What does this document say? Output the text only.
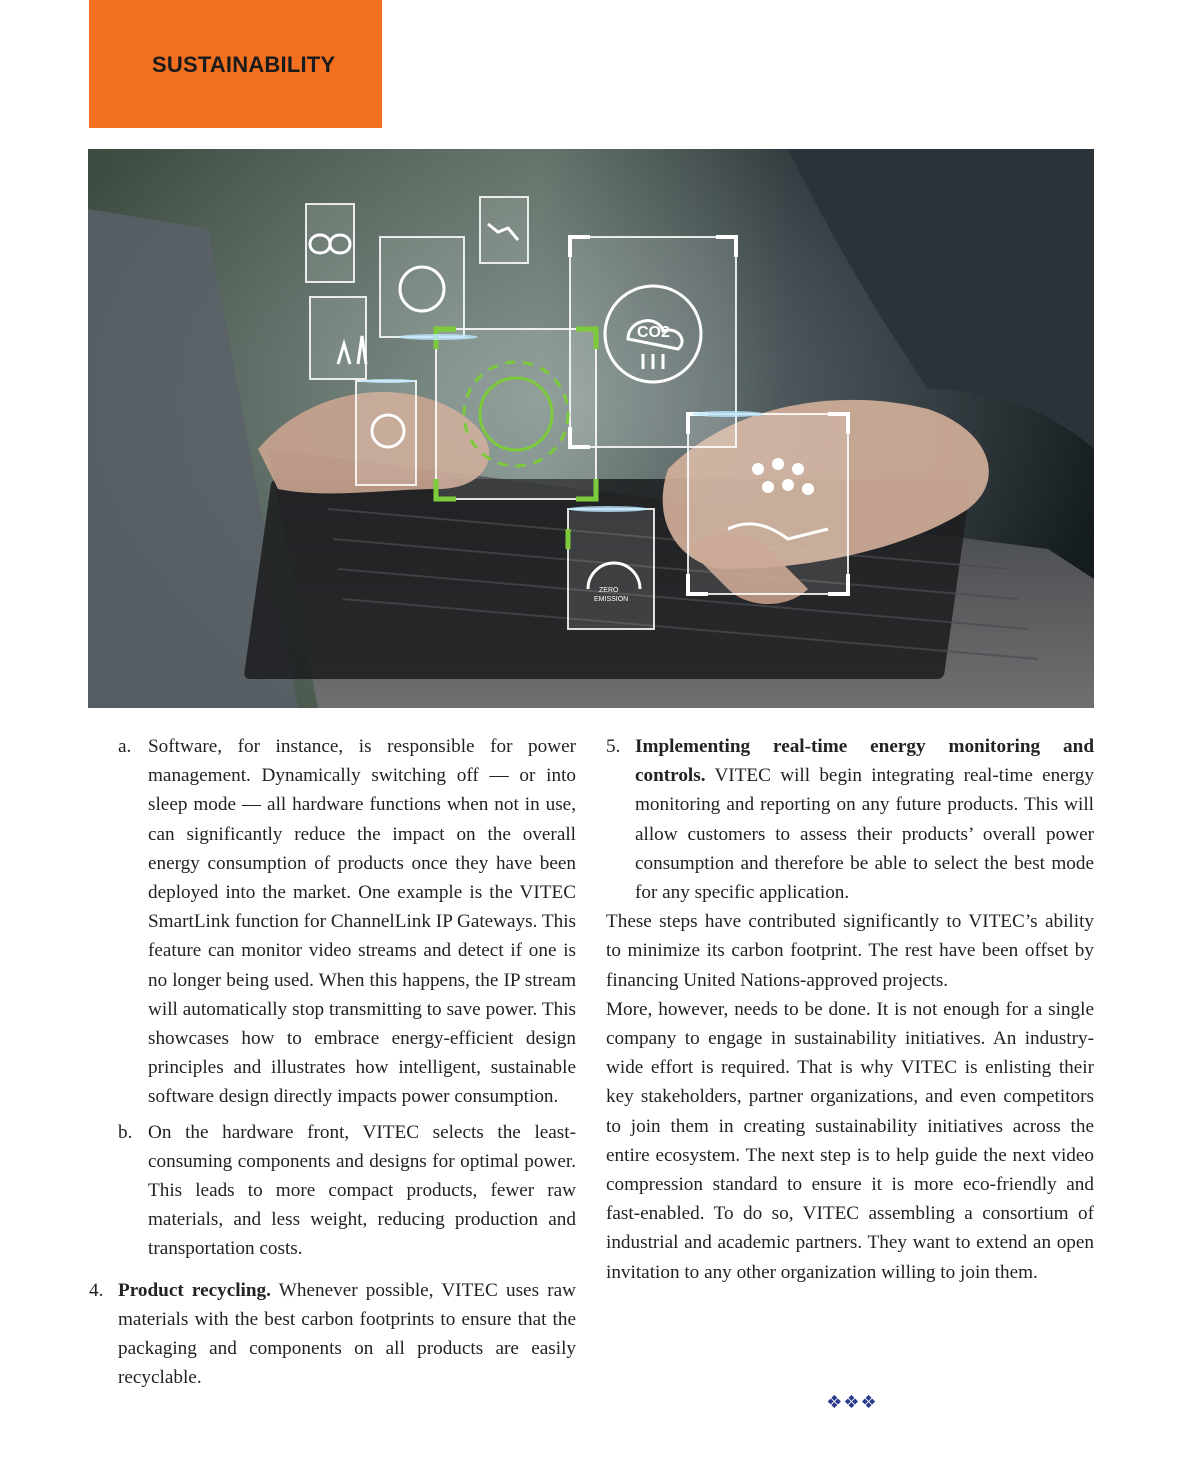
SUSTAINABILITY
CO2
ZERO
EMISSION
a. Software, for instance, is responsible for power management. Dynamically switching off — or into sleep mode — all hardware functions when not in use, can significantly reduce the impact on the overall energy consumption of products once they have been deployed into the market. One example is the VITEC SmartLink function for ChannelLink IP Gateways. This feature can monitor video streams and detect if one is no longer being used. When this happens, the IP stream will automatically stop transmitting to save power. This showcases how to embrace energy-efficient design principles and illustrates how intelligent, sustainable software design directly impacts power consumption.
b. On the hardware front, VITEC selects the least-consuming components and designs for optimal power. This leads to more compact products, fewer raw materials, and less weight, reducing production and transportation costs.
4. Product recycling. Whenever possible, VITEC uses raw materials with the best carbon footprints to ensure that the packaging and components on all products are easily recyclable.
5. Implementing real-time energy monitoring and controls. VITEC will begin integrating real-time energy monitoring and reporting on any future products. This will allow customers to assess their products’ overall power consumption and therefore be able to select the best mode for any specific application.

These steps have contributed significantly to VITEC’s ability to minimize its carbon footprint. The rest have been offset by financing United Nations-approved projects.

More, however, needs to be done. It is not enough for a single company to engage in sustainability initiatives. An industry-wide effort is required. That is why VITEC is enlisting their key stakeholders, partner organizations, and even competitors to join them in creating sustainability initiatives across the entire ecosystem. The next step is to help guide the next video compression standard to ensure it is more eco-friendly and fast-enabled. To do so, VITEC assembling a consortium of industrial and academic partners. They want to extend an open invitation to any other organization willing to join them.

❖❖❖
